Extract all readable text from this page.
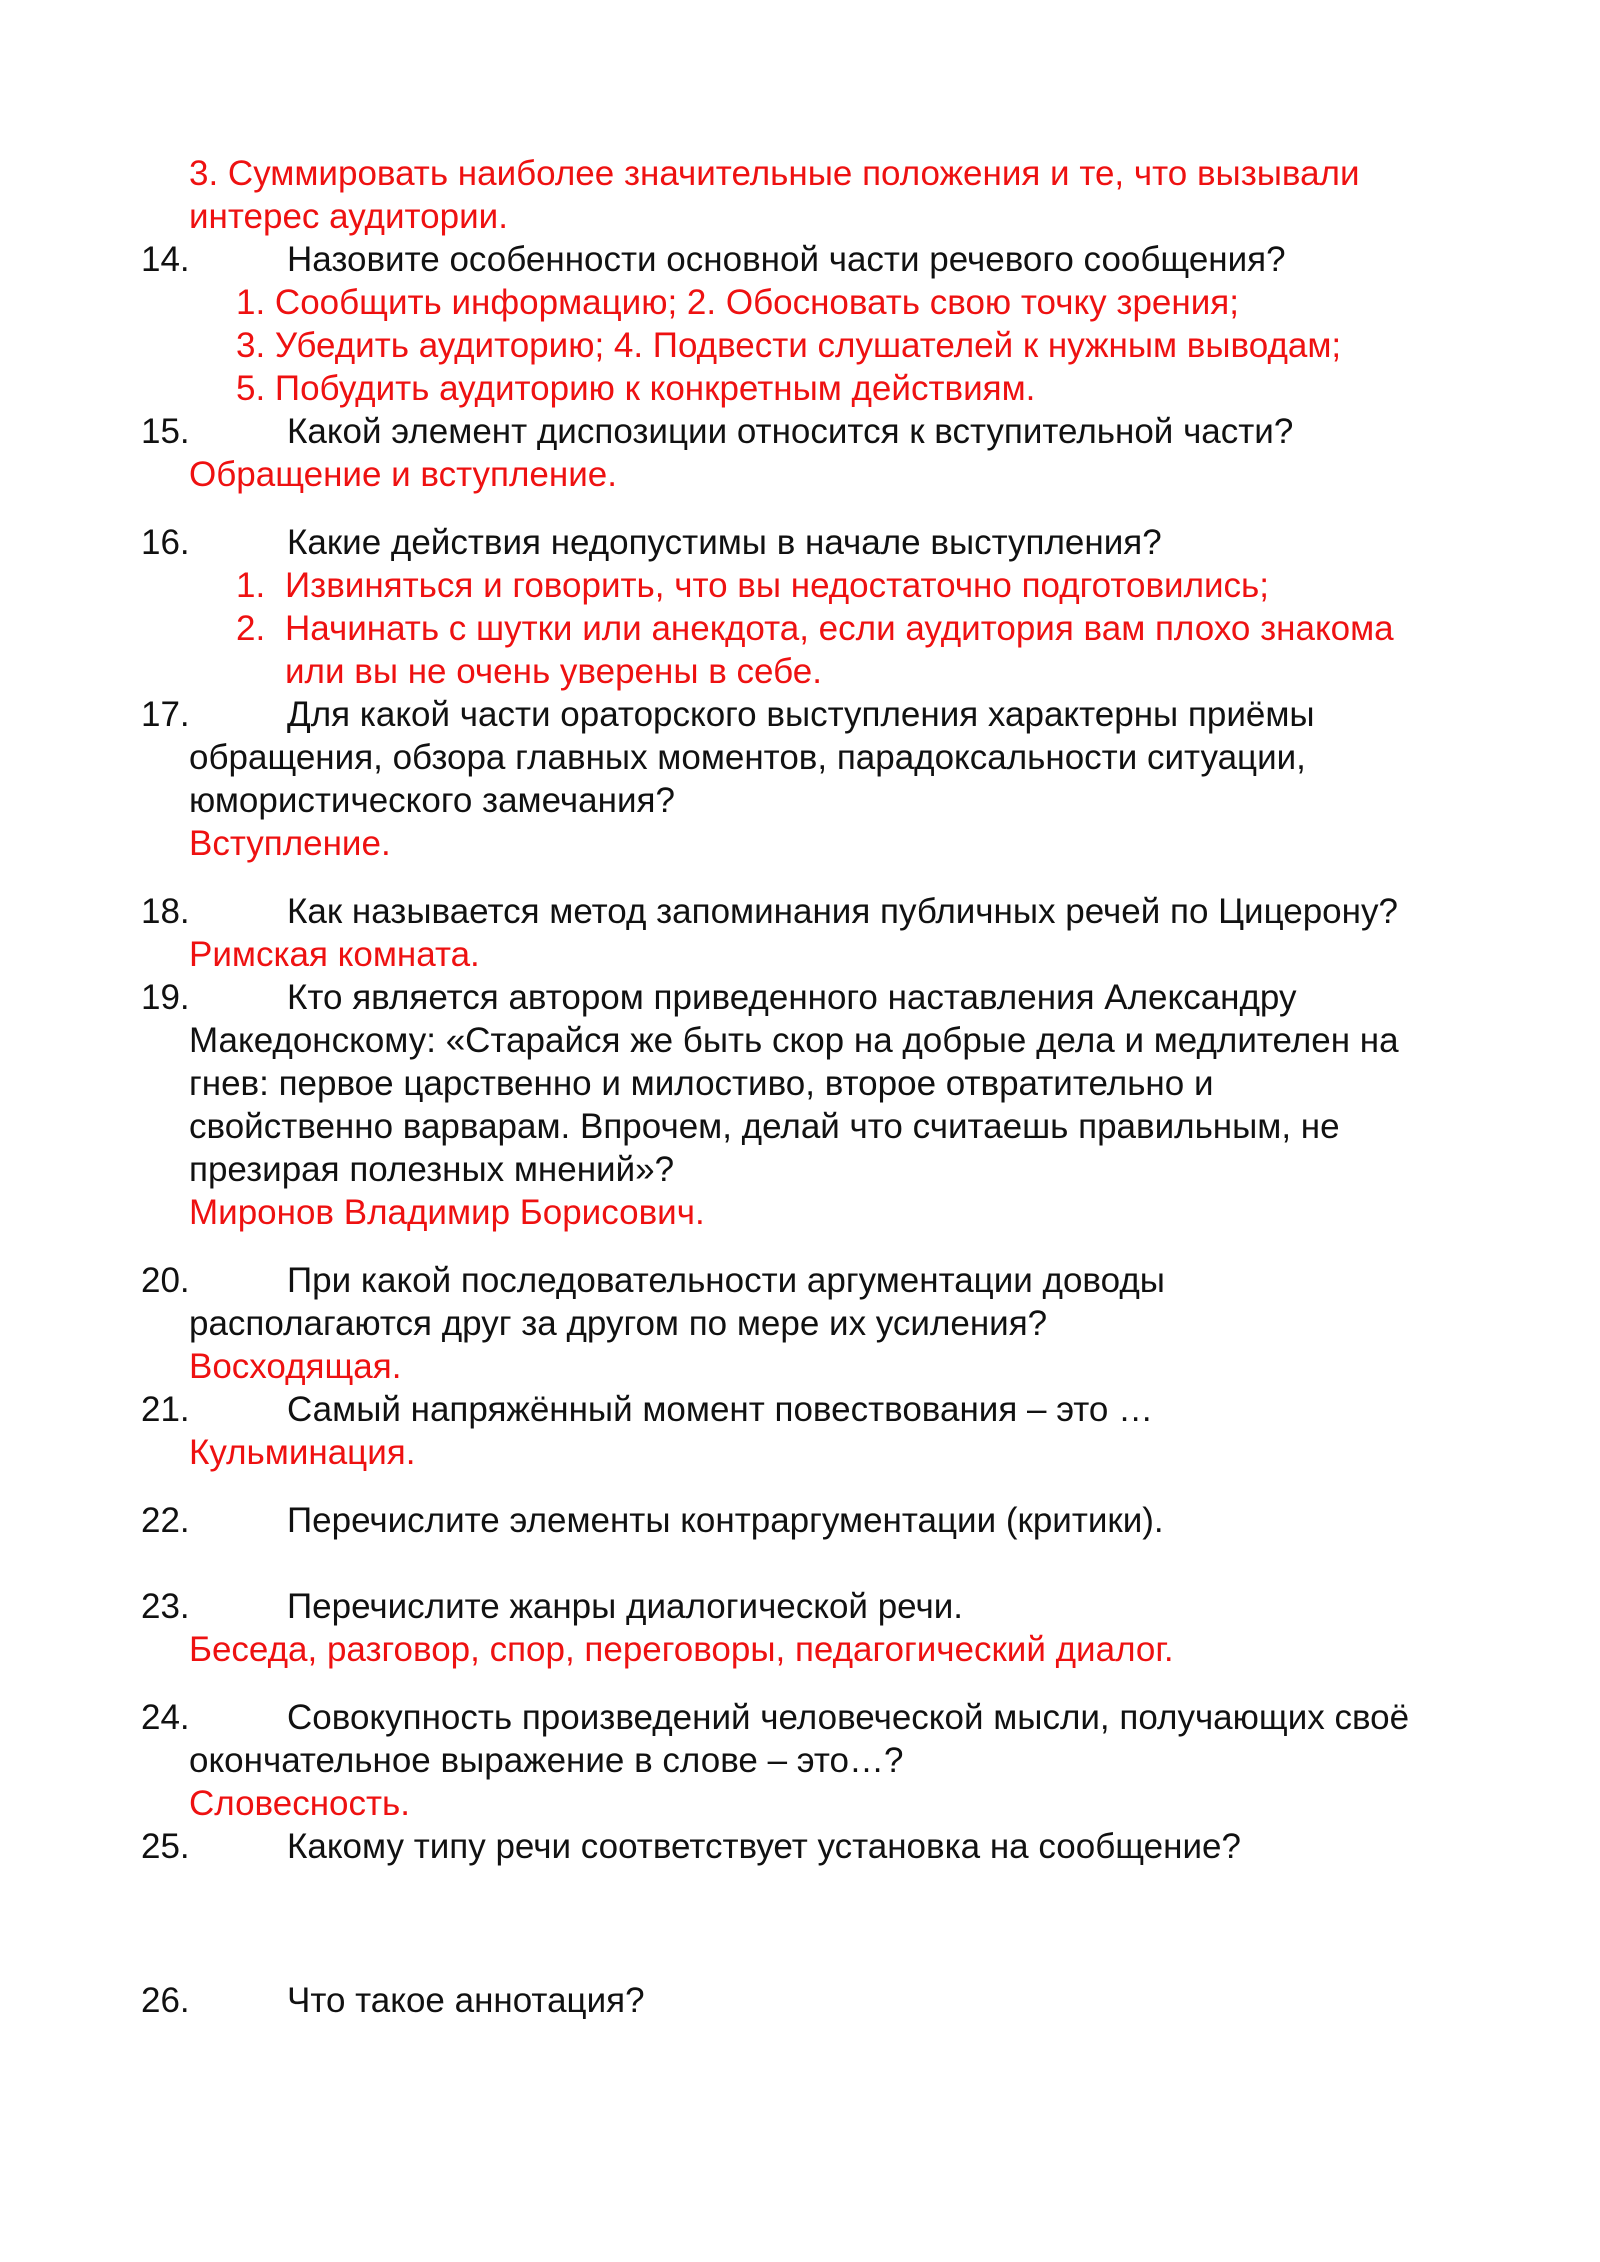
3. Суммировать наиболее значительные положения и те, что вызывали
интерес аудитории.
14.	Назовите особенности основной части речевого сообщения?
1. Сообщить информацию; 2. Обосновать свою точку зрения;
3. Убедить аудиторию; 4. Подвести слушателей к нужным выводам;
5. Побудить аудиторию к конкретным действиям.
15.	Какой элемент диспозиции относится к вступительной части?
Обращение и вступление.
16.	Какие действия недопустимы в начале выступления?
1. Извиняться и говорить, что вы недостаточно подготовились;
2. Начинать с шутки или анекдота, если аудитория вам плохо знакома
или вы не очень уверены в себе.
17.	Для какой части ораторского выступления характерны приёмы
обращения, обзора главных моментов, парадоксальности ситуации,
юмористического замечания?
Вступление.
18.	Как называется метод запоминания публичных речей по Цицерону?
Римская комната.
19.	Кто является автором приведенного наставления Александру
Македонскому: «Старайся же быть скор на добрые дела и медлителен на
гнев: первое царственно и милостиво, второе отвратительно и
свойственно варварам. Впрочем, делай что считаешь правильным, не
презирая полезных мнений»?
Миронов Владимир Борисович.
20.	При какой последовательности аргументации доводы
располагаются друг за другом по мере их усиления?
Восходящая.
21.	Самый напряжённый момент повествования – это …
Кульминация.
22.	Перечислите элементы контраргументации (критики).
23.	Перечислите жанры диалогической речи.
Беседа, разговор, спор, переговоры, педагогический диалог.
24.	Совокупность произведений человеческой мысли, получающих своё
окончательное выражение в слове – это…?
Словесность.
25.	Какому типу речи соответствует установка на сообщение?
26.	Что такое аннотация?
